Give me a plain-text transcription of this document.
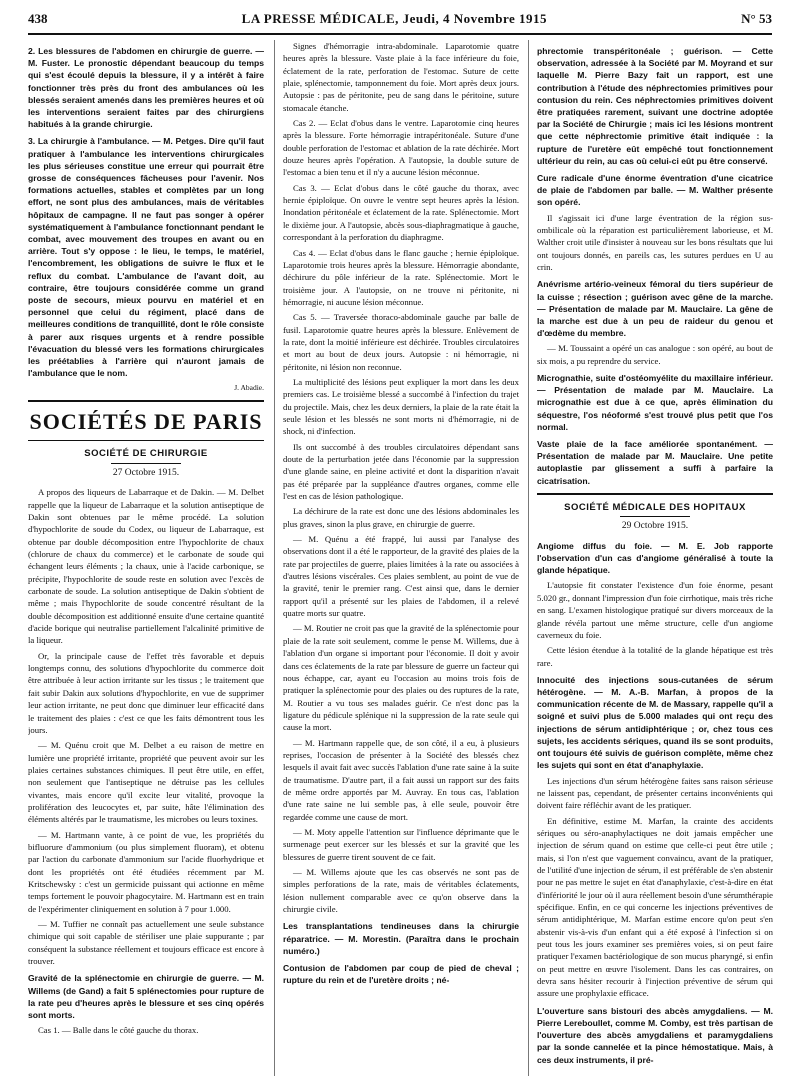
438	LA PRESSE MÉDICALE, Jeudi, 4 Novembre 1915	N° 53

2. Les blessures de l'abdomen en chirurgie de guerre. — M. Fuster. Le pronostic dépendant beaucoup du temps qui s'est écoulé depuis la blessure, il y a intérêt à faire fonctionner très près du front des ambulances où les blessés seraient amenés dans les premières heures et où les interventions seraient faites par des chirurgiens habitués à la grande chirurgie.

3. La chirurgie à l'ambulance. — M. Petges. Dire qu'il faut pratiquer à l'ambulance les interventions chirurgicales les plus sérieuses constitue une erreur qui pourrait être grosse de conséquences fâcheuses pour l'avenir. Nos formations actuelles, stables et complètes par un long effort, ne sont plus des ambulances, mais de véritables hôpitaux de campagne. Il ne faut pas songer à opérer systématiquement à l'ambulance fonctionnant pendant le combat, avec mouvement des troupes en avant ou en arrière. Tout s'y oppose : le lieu, le temps, le matériel, l'encombrement, les obligations de suivre le flux et le reflux du combat. L'ambulance de l'avant doit, au contraire, être toujours considérée comme un grand poste de secours, mieux pourvu en matériel et en personnel que celui du régiment, placé dans de meilleures conditions de tranquillité, dont le rôle consiste à parer aux risques urgents et à rendre possible l'évacuation du blessé vers les formations chirurgicales les préétablies à l'arrière qui n'auront jamais de l'ambulance que le nom.

J. Abadie.
SOCIÉTÉS DE PARIS
SOCIÉTÉ DE CHIRURGIE
27 Octobre 1915.

A propos des liqueurs de Labarraque et de Dakin. — M. Delbet rappelle que la liqueur de Labarraque et la solution antiseptique de Dakin sont obtenues par le même procédé. La solution d'hypochlorite de soude du Codex, ou liqueur de Labarraque, est obtenue par double décomposition entre l'hypochlorite de chaux (chlorure de chaux du commerce) et le carbonate de soude qui échangent leurs éléments ; la chaux, unie à l'acide carbonique, se précipite, l'hypochlorite de soude reste en solution avec l'excès de carbonate de soude. La solution antiseptique de Dakin s'obtient de même ; mais l'hypochlorite de soude concentré résultant de la double décomposition est additionné ensuite d'une certaine quantité d'acide borique qui neutralise partiellement l'alcalinité primitive de la liqueur.

Or, la principale cause de l'effet très favorable et depuis longtemps connu, des solutions d'hypochlorite du commerce doit être attribuée à leur action irritante sur les tissus ; le traitement que fait subir Dakin aux solutions d'hypochlorite, en vue de supprimer leur action irritante, ne peut donc que diminuer leur efficacité dans le traitement des plaies : c'est ce que les faits démontrent tous les jours.

— M. Quénu croit que M. Delbet a eu raison de mettre en lumière une propriété irritante, propriété que peuvent avoir sur les plaies certaines substances chimiques. Il peut être utile, en effet, non seulement que l'antiseptique ne détruise pas les cellules vivantes, mais encore qu'il excite leur vitalité, provoque la prolifération des leucocytes et, par suite, hâte l'élimination des éléments altérés par le traumatisme, les microbes ou leurs toxines.

— M. Hartmann vante, à ce point de vue, les propriétés du bifluorure d'ammonium (ou plus simplement fluoram), et obtenu par l'action du carbonate d'ammonium sur l'acide fluorhydrique et dont les propriétés ont été étudiées récemment par M. Kritschewsky : c'est un germicide puissant qui actionne en même temps fortement le pouvoir phagocytaire. M. Hartmann est en train de l'expérimenter cliniquement en solution à 7 pour 1.000.

— M. Tuffier ne connaît pas actuellement une seule substance chimique qui soit capable de stériliser une plaie suppurante ; par conséquent la substance réellement et toujours efficace est encore à trouver.

Gravité de la splénectomie en chirurgie de guerre. — M. Willems (de Gand) a fait 5 splénectomies pour rupture de la rate peu d'heures après le blessure et ses cinq opérés sont morts.

Cas 1. — Balle dans le côté gauche du thorax.

Signes d'hémorragie intra-abdominale. Laparotomie quatre heures après la blessure. Vaste plaie à la face inférieure du foie, éclatement de la rate, perforation de l'estomac. Suture de cette plaie, splénectomie, tamponnement du foie. Mort après deux jours. Autopsie : pas de péritonite, peu de sang dans le péritoine, suture stomacale étanche.

Cas 2. — Eclat d'obus dans le ventre. Laparotomie cinq heures après la blessure. Forte hémorragie intrapéritonéale. Suture d'une double perforation de l'estomac et ablation de la rate déchirée. Mort douze heures après l'opération. A l'autopsie, la double suture de l'estomac a bien tenu et il n'y a aucune lésion méconnue.

Cas 3. — Eclat d'obus dans le côté gauche du thorax, avec hernie épiploïque. On ouvre le ventre sept heures après la lésion. Inondation péritonéale et éclatement de la rate. Splénectomie. Mort le dixième jour. A l'autopsie, abcès sous-diaphragmatique à gauche, correspondant à la perforation du diaphragme.

Cas 4. — Eclat d'obus dans le flanc gauche ; hernie épiploïque. Laparotomie trois heures après la blessure. Hémorragie abondante, déchirure du pôle inférieur de la rate. Splénectomie. Mort le troisième jour. A l'autopsie, on ne trouve ni péritonite, ni hémorragie, ni aucune lésion méconnue.

Cas 5. — Traversée thoraco-abdominale gauche par balle de fusil. Laparotomie quatre heures après la blessure. Enlèvement de la rate, dont la moitié inférieure est déchirée. Troubles circulatoires et mort au bout de deux jours. Autopsie : ni hémorragie, ni péritonite, ni lésion non reconnue.

La multiplicité des lésions peut expliquer la mort dans les deux premiers cas. Le troisième blessé a succombé à l'infection du trajet du projectile. Mais, chez les deux derniers, la plaie de la rate était la seule lésion et les blessés ne sont morts ni d'hémorragie, ni de shock, ni d'infection.

Ils ont succombé à des troubles circulatoires dépendant sans doute de la perturbation jetée dans l'économie par la suppression d'une glande saine, en pleine activité et dont la disparition n'avait pas été préparée par la suppléance d'autres organes, comme elle l'est en cas de lésion pathologique.

La déchirure de la rate est donc une des lésions abdominales les plus graves, sinon la plus grave, en chirurgie de guerre.

— M. Quénu a été frappé, lui aussi par l'analyse des observations dont il a été le rapporteur, de la gravité des plaies de la rate par projectiles de guerre, plaies limitées à la rate ou associées à d'autres lésions viscérales. Ces plaies semblent, au point de vue de la gravité, tenir le premier rang. C'est ainsi que, dans le dernier rapport qu'il a présenté sur les plaies de l'abdomen, il a relevé quatre morts sur quatre.

— M. Routier ne croit pas que la gravité de la splénectomie pour plaie de la rate soit seulement, comme le pense M. Willems, due à l'ablation d'un organe si important pour l'économie. Il doit y avoir dans ces éclatements de la rate par blessure de guerre un facteur qui nous échappe, car, ayant eu l'occasion au moins trois fois de pratiquer la splénectomie pour des plaies ou des ruptures de la rate, M. Routier a vu tous ses malades guérir. Ce n'est donc pas la ligature du pédicule splénique ni la suppression de la rate seule qui cause la mort.

— M. Hartmann rappelle que, de son côté, il a eu, à plusieurs reprises, l'occasion de présenter à la Société des blessés chez lesquels il avait fait avec succès l'ablation d'une rate saine à la suite de traumatisme. D'autre part, il a fait aussi un rapport sur des faits de même ordre apportés par M. Auvray. En tous cas, l'ablation d'une rate saine ne lui semble pas, à elle seule, pouvoir être regardée comme une cause de mort.

— M. Moty appelle l'attention sur l'influence déprimante que le surmenage peut exercer sur les blessés et sur la gravité que les blessures de guerre tirent souvent de ce fait.

— M. Willems ajoute que les cas observés ne sont pas de simples perforations de la rate, mais de véritables éclatements, lésion nullement comparable avec ce qu'on observe dans la chirurgie civile.

Les transplantations tendineuses dans la chirurgie réparatrice. — M. Morestin. (Paraîtra dans le prochain numéro.)

Contusion de l'abdomen par coup de pied de cheval ; rupture du rein et de l'uretère droits ; né-

phrectomie transpéritonéale ; guérison. — Cette observation, adressée à la Société par M. Moyrand et sur laquelle M. Pierre Bazy fait un rapport, est une contribution à l'étude des néphrectomies primitives pour contusion du rein. Ces néphrectomies primitives doivent être pratiquées rarement, suivant une doctrine adoptée par la Société de Chirurgie ; mais ici les lésions montrent que cette néphrectomie primitive était indiquée : la rupture de l'uretère eût empêché tout fonctionnement ultérieur du rein, au cas où celui-ci eût pu être conservé.

Cure radicale d'une énorme éventration d'une cicatrice de plaie de l'abdomen par balle. — M. Walther présente son opéré.

Il s'agissait ici d'une large éventration de la région sus-ombilicale où la réparation est particulièrement laborieuse, et M. Walther croit utile d'insister à nouveau sur les bons résultats que lui ont toujours donnés, en pareils cas, les sutures perdues en U au crin.

Anévrisme artério-veineux fémoral du tiers supérieur de la cuisse ; résection ; guérison avec gêne de la marche. — Présentation de malade par M. Mauclaire. La gêne de la marche est due à un peu de raideur du genou et d'œdème du membre.

— M. Toussaint a opéré un cas analogue : son opéré, au bout de six mois, a pu reprendre du service.

Micrognathie, suite d'ostéomyélite du maxillaire inférieur. — Présentation de malade par M. Mauclaire. La micrognathie est due à ce que, après élimination du séquestre, l'os néoformé s'est trouvé plus petit que l'os normal.

Vaste plaie de la face améliorée spontanément. — Présentation de malade par M. Mauclaire. Une petite autoplastie par glissement a suffi à parfaire la cicatrisation.

SOCIÉTÉ MÉDICALE DES HOPITAUX
29 Octobre 1915.

Angiome diffus du foie. — M. E. Job rapporte l'observation d'un cas d'angiome généralisé à toute la glande hépatique.

L'autopsie fit constater l'existence d'un foie énorme, pesant 5.020 gr., donnant l'impression d'un foie cirrhotique, mais très riche en sang. L'examen histologique pratiqué sur divers morceaux de la glande révéla partout une même structure, celle d'un angiome caverneux du foie.

Cette lésion étendue à la totalité de la glande hépatique est très rare.

Innocuité des injections sous-cutanées de sérum hétérogène. — M. A.-B. Marfan, à propos de la communication récente de M. de Massary, rappelle qu'il a soigné et suivi plus de 5.000 malades qui ont reçu des injections de sérum antidiphtérique ; or, chez tous ces sujets, les accidents sériques, quand ils se sont produits, ont toujours été suivis de guérison complète, même chez les sujets qui sont en état d'anaphylaxie.

Les injections d'un sérum hétérogène faites sans raison sérieuse ne laissent pas, cependant, de présenter certains inconvénients qui doivent faire réfléchir avant de les pratiquer.

En définitive, estime M. Marfan, la crainte des accidents sériques ou séro-anaphylactiques ne doit jamais empêcher une injection de sérum quand on estime que celle-ci peut être utile ; mais, si l'on n'est que vaguement convaincu, avant de la pratiquer, de l'utilité d'une injection de sérum, il est préférable de s'en abstenir pour ne pas mettre le sujet en état d'anaphylaxie, c'est-à-dire en état d'infériorité le jour où il aura réellement besoin d'une sérumthérapie spécifique. Enfin, en ce qui concerne les injections préventives de sérum antidiphtérique, M. Marfan estime encore qu'on peut s'en abstenir vis-à-vis d'un enfant qui a été exposé à l'infection si on peut tous les jours examiner ses premières voies, si on peut faire pratiquer l'examen bactériologique de son mucus pharyngé, si enfin on peut mettre en œuvre l'isolement. Dans les cas contraires, on devra sans hésiter recourir à l'injection préventive de sérum qui assure une prophylaxie efficace.

L'ouverture sans bistouri des abcès amygdaliens. — M. Pierre Lereboullet, comme M. Comby, est très partisan de l'ouverture des abcès amygdaliens et paramygdaliens par la sonde cannelée et la pince hémostatique. Mais, à ces deux instruments, il pré-
